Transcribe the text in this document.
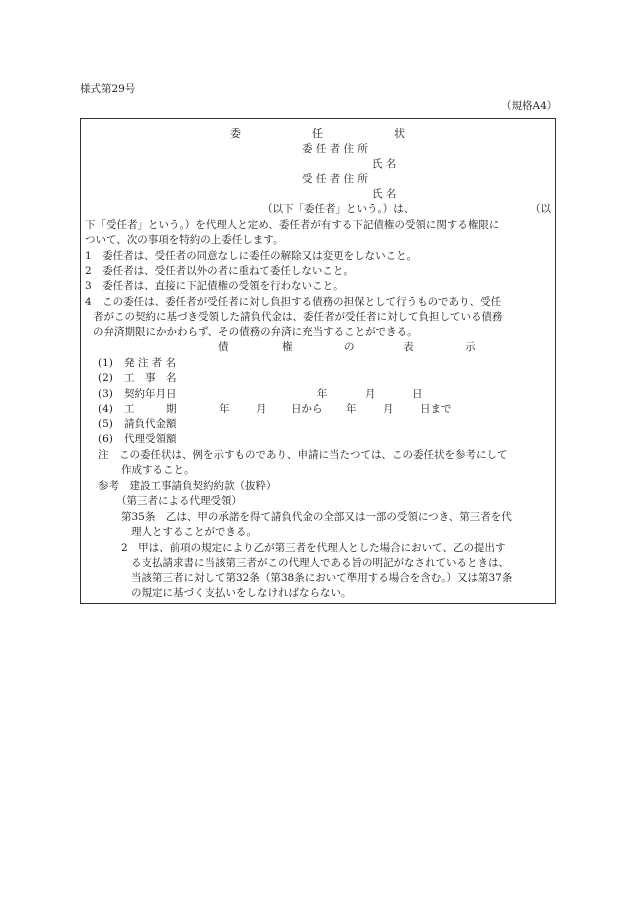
様式第29号
（規格A4）
委	任	状
委 任 者 住 所
氏 名
受 任 者 住 所
氏 名
（以下「委任者」という。）は、	（以
下「受任者」という。）を代理人と定め、委任者が有する下記債権の受領に関する権限に
ついて、次の事項を特約の上委任します。
1　委任者は、受任者の同意なしに委任の解除又は変更をしないこと。
2　委任者は、受任者以外の者に重ねて委任しないこと。
3　委任者は、直接に下記債権の受領を行わないこと。
4　この委任は、委任者が受任者に対し負担する債務の担保として行うものであり、受任
者がこの契約に基づき受領した請負代金は、委任者が受任者に対して負担している債務
の弁済期限にかかわらず、その債務の弁済に充当することができる。
債	権	の	表	示
(1) 発 注 者 名
(2) 工　事　名
(3) 契約年月日	年	月	日
(4) 工　　　期	年	月 日から 年	月	日まで
(5) 請負代金額
(6) 代理受領額
注　この委任状は、例を示すものであり、申請に当たつては、この委任状を参考にして
作成すること。
参考　建設工事請負契約約款（抜粋）
（第三者による代理受領）
第35条　乙は、甲の承諾を得て請負代金の全部又は一部の受領につき、第三者を代
理人とすることができる。
2　甲は、前項の規定により乙が第三者を代理人とした場合において、乙の提出す
る支払請求書に当該第三者がこの代理人である旨の明記がなされているときは、
当該第三者に対して第32条（第38条において準用する場合を含む。）又は第37条
の規定に基づく支払いをしなければならない。
